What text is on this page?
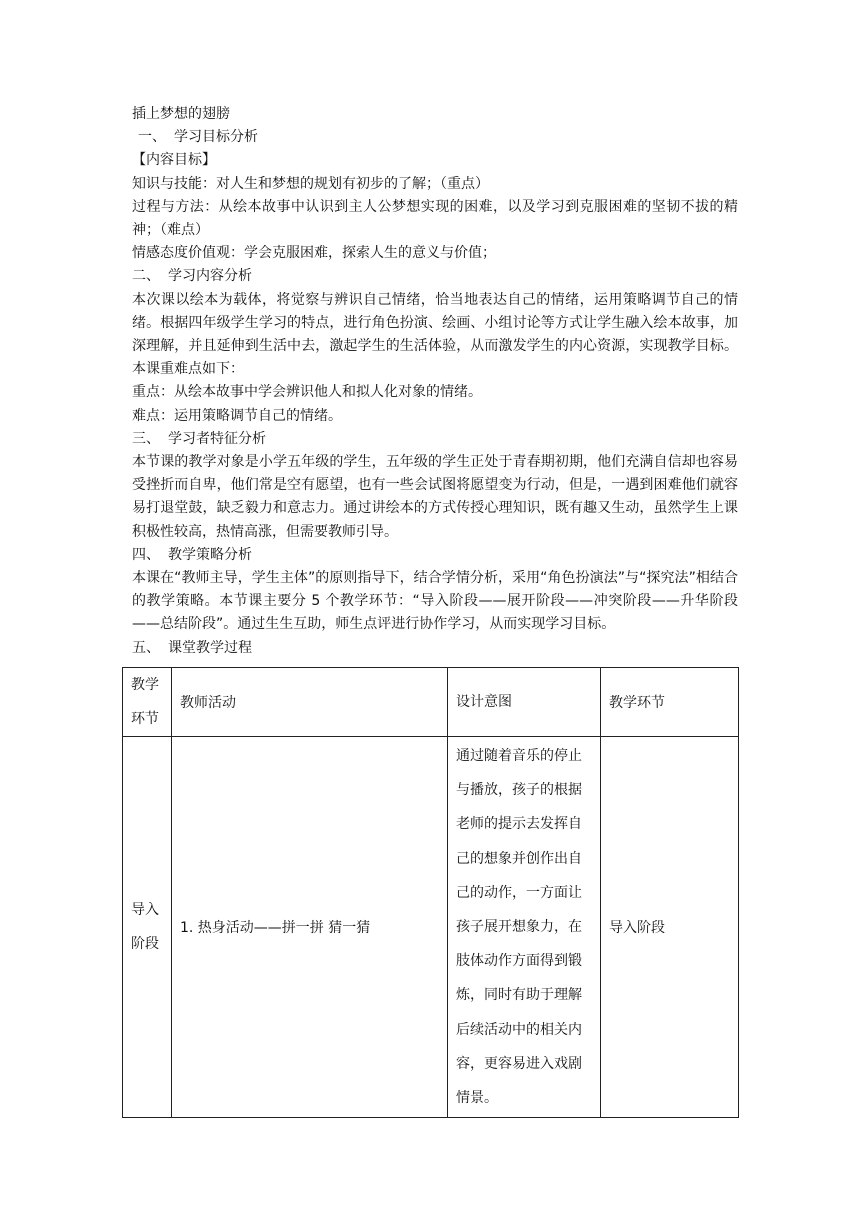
插上梦想的翅膀
一、 学习目标分析
【内容目标】
知识与技能：对人生和梦想的规划有初步的了解；（重点）
过程与方法：从绘本故事中认识到主人公梦想实现的困难，以及学习到克服困难的坚韧不拔的精神；（难点）
情感态度价值观：学会克服困难，探索人生的意义与价值；
二、 学习内容分析
本次课以绘本为载体，将觉察与辨识自己情绪，恰当地表达自己的情绪，运用策略调节自己的情绪。根据四年级学生学习的特点，进行角色扮演、绘画、小组讨论等方式让学生融入绘本故事，加深理解，并且延伸到生活中去，激起学生的生活体验，从而激发学生的内心资源，实现教学目标。本课重难点如下：
重点：从绘本故事中学会辨识他人和拟人化对象的情绪。
难点：运用策略调节自己的情绪。
三、 学习者特征分析
本节课的教学对象是小学五年级的学生，五年级的学生正处于青春期初期，他们充满自信却也容易受挫折而自卑，他们常是空有愿望，也有一些会试图将愿望变为行动，但是，一遇到困难他们就容易打退堂鼓，缺乏毅力和意志力。通过讲绘本的方式传授心理知识，既有趣又生动，虽然学生上课积极性较高，热情高涨，但需要教师引导。
四、 教学策略分析
本课在“教师主导，学生主体”的原则指导下，结合学情分析，采用“角色扮演法”与“探究法”相结合的教学策略。本节课主要分 5 个教学环节：“导入阶段——展开阶段——冲突阶段——升华阶段——总结阶段”。通过生生互助，师生点评进行协作学习，从而实现学习目标。
五、 课堂教学过程
教学环节	教师活动	设计意图	教学环节
导入阶段	1. 热身活动——拼一拼 猜一猜	通过随着音乐的停止与播放，孩子的根据老师的提示去发挥自己的想象并创作出自己的动作，一方面让孩子展开想象力，在肢体动作方面得到锻炼，同时有助于理解后续活动中的相关内容，更容易进入戏剧情景。	导入阶段
